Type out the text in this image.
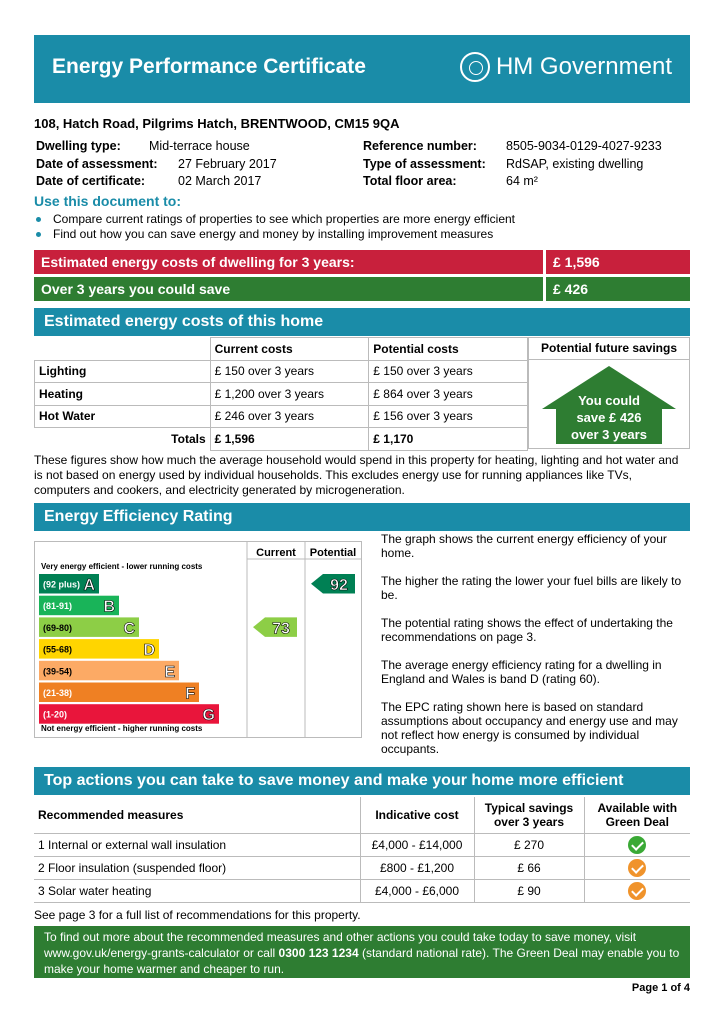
Energy Performance Certificate	HM Government
108, Hatch Road, Pilgrims Hatch, BRENTWOOD, CM15 9QA
Dwelling type:	Mid-terrace house
Date of assessment:	27 February 2017
Date of certificate:	02 March 2017
Reference number:	8505-9034-0129-4027-9233
Type of assessment:	RdSAP, existing dwelling
Total floor area:	64 m²
Use this document to:
Compare current ratings of properties to see which properties are more energy efficient
Find out how you can save energy and money by installing improvement measures
Estimated energy costs of dwelling for 3 years:	£ 1,596
Over 3 years you could save	£ 426
Estimated energy costs of this home
	Current costs	Potential costs
Lighting	£ 150 over 3 years	£ 150 over 3 years
Heating	£ 1,200 over 3 years	£ 864 over 3 years
Hot Water	£ 246 over 3 years	£ 156 over 3 years
Totals	£ 1,596	£ 1,170
Potential future savings
You could
save £ 426
over 3 years
These figures show how much the average household would spend in this property for heating, lighting and hot water and is not based on energy used by individual households. This excludes energy use for running appliances like TVs, computers and cookers, and electricity generated by microgeneration.
Energy Efficiency Rating
Current Potential
Very energy efficient - lower running costs
Not energy efficient - higher running costs
(92 plus) A
(81-91) B
(69-80)	C
(55-68)	D
(39-54)	E
(21-38)	F
(1-20)	G
73
92

The graph shows the current energy efficiency of your home.

The higher the rating the lower your fuel bills are likely to be.

The potential rating shows the effect of undertaking the recommendations on page 3.

The average energy efficiency rating for a dwelling in England and Wales is band D (rating 60).

The EPC rating shown here is based on standard assumptions about occupancy and energy use and may not reflect how energy is consumed by individual occupants.

Top actions you can take to save money and make your home more efficient
Recommended measures	Indicative cost	Typical savings over 3 years	Available with Green Deal
1 Internal or external wall insulation	£4,000 - £14,000	£ 270	
2 Floor insulation (suspended floor)	£800 - £1,200	£ 66	
3 Solar water heating	£4,000 - £6,000	£ 90	
See page 3 for a full list of recommendations for this property.
To find out more about the recommended measures and other actions you could take today to save money, visit www.gov.uk/energy-grants-calculator or call 0300 123 1234 (standard national rate). The Green Deal may enable you to make your home warmer and cheaper to run.
Page 1 of 4
